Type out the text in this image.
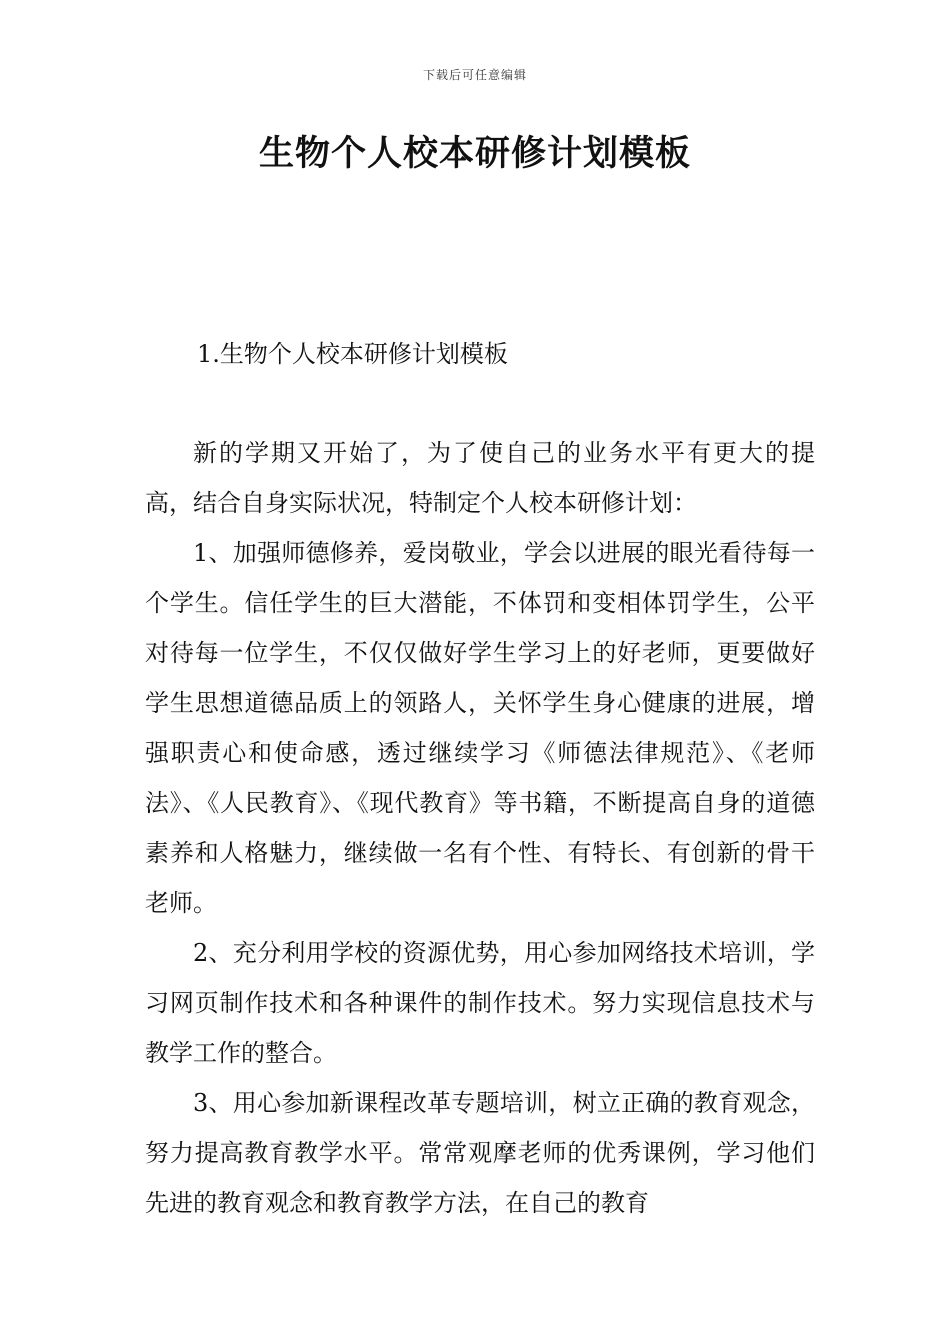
下载后可任意编辑
生物个人校本研修计划模板
1.生物个人校本研修计划模板

新的学期又开始了，为了使自己的业务水平有更大的提高，结合自身实际状况，特制定个人校本研修计划：

1、加强师德修养，爱岗敬业，学会以进展的眼光看待每一个学生。信任学生的巨大潜能，不体罚和变相体罚学生，公平对待每一位学生，不仅仅做好学生学习上的好老师，更要做好学生思想道德品质上的领路人，关怀学生身心健康的进展，增强职责心和使命感，透过继续学习《师德法律规范》、《老师法》、《人民教育》、《现代教育》等书籍，不断提高自身的道德素养和人格魅力，继续做一名有个性、有特长、有创新的骨干老师。

2、充分利用学校的资源优势，用心参加网络技术培训，学习网页制作技术和各种课件的制作技术。努力实现信息技术与教学工作的整合。

3、用心参加新课程改革专题培训，树立正确的教育观念，努力提高教育教学水平。常常观摩老师的优秀课例，学习他们先进的教育观念和教育教学方法，在自己的教育
